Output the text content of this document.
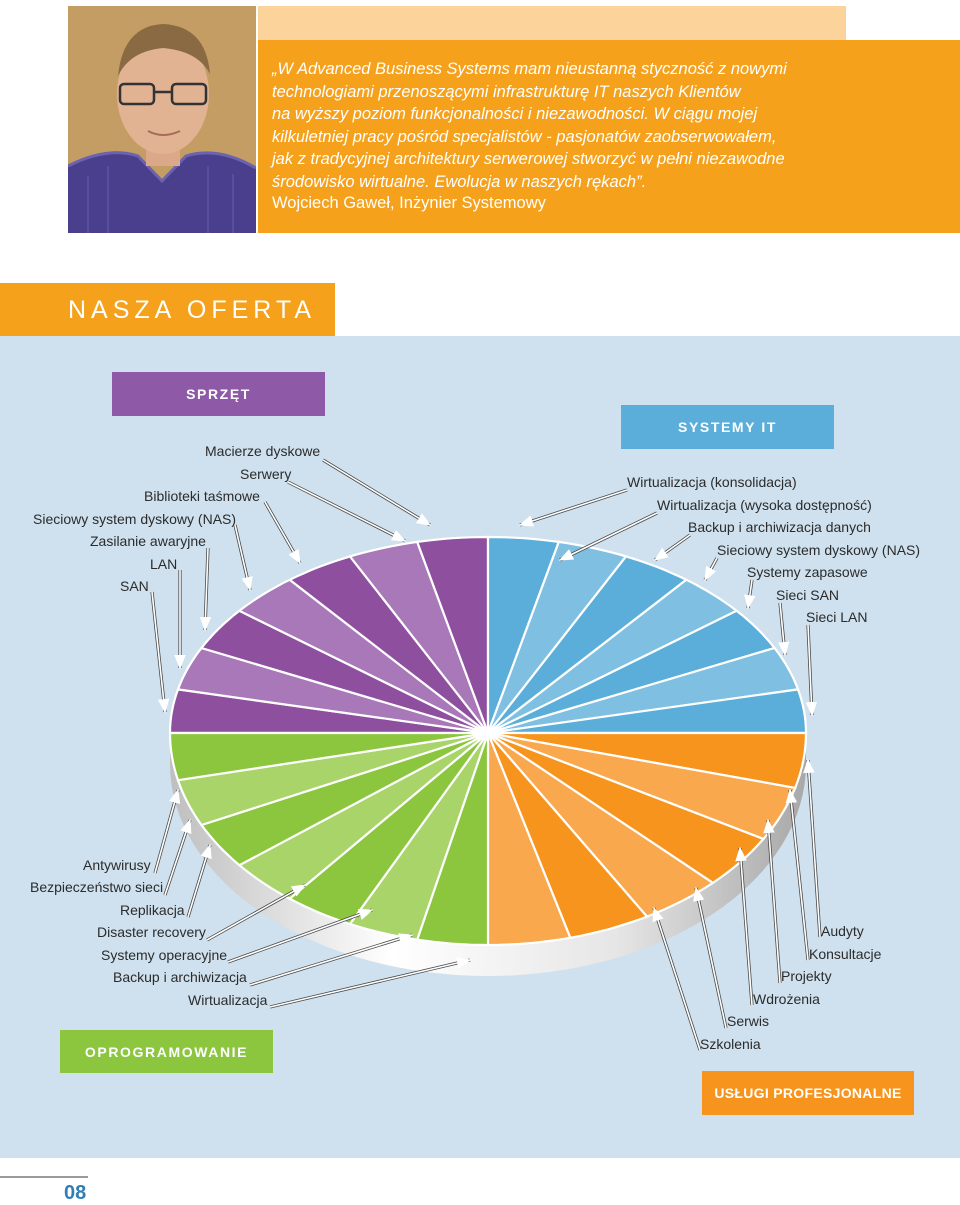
„W Advanced Business Systems mam nieustanną styczność z nowymi
technologiami przenoszącymi infrastrukturę IT naszych Klientów
na wyższy poziom funkcjonalności i niezawodności. W ciągu mojej
kilkuletniej pracy pośród specjalistów - pasjonatów zaobserwowałem,
jak z tradycyjnej architektury serwerowej stworzyć w pełni niezawodne
środowisko wirtualne. Ewolucja w naszych rękach”.
Wojciech Gaweł, Inżynier Systemowy
NASZA OFERTA
SPRZĘT
SYSTEMY IT
OPROGRAMOWANIE
USŁUGI PROFESJONALNE
Macierze dyskowe
Serwery
Biblioteki taśmowe
Sieciowy system dyskowy (NAS)
Zasilanie awaryjne
LAN
SAN
Wirtualizacja (konsolidacja)
Wirtualizacja (wysoka dostępność)
Backup i archiwizacja danych
Sieciowy system dyskowy (NAS)
Systemy zapasowe
Sieci SAN
Sieci LAN
Antywirusy
Bezpieczeństwo sieci
Replikacja
Disaster recovery
Systemy operacyjne
Backup i archiwizacja
Wirtualizacja
Audyty
Konsultacje
Projekty
Wdrożenia
Serwis
Szkolenia
08
